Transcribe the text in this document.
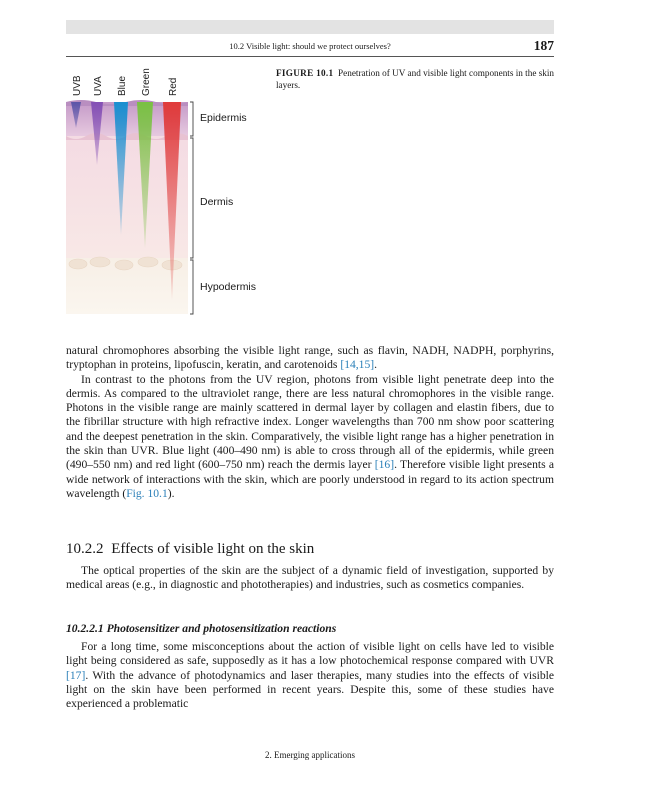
10.2 Visible light: should we protect ourselves?	187
UVB UVA Blue Green Red
Epidermis
Dermis
Hypodermis
FIGURE 10.1 Penetration of UV and visible light components in the skin layers.

natural chromophores absorbing the visible light range, such as flavin, NADH, NADPH, porphyrins, tryptophan in proteins, lipofuscin, keratin, and carotenoids [14,15].

In contrast to the photons from the UV region, photons from visible light penetrate deep into the dermis. As compared to the ultraviolet range, there are less natural chromophores in the visible range. Photons in the visible range are mainly scattered in dermal layer by collagen and elastin fibers, due to the fibrillar structure with high refractive index. Longer wavelengths than 700 nm show poor scattering and the deepest penetration in the skin. Comparatively, the visible light range has a higher penetration in the skin than UVR. Blue light (400–490 nm) is able to cross through all of the epidermis, while green (490–550 nm) and red light (600–750 nm) reach the dermis layer [16]. Therefore visible light presents a wide network of interactions with the skin, which are poorly understood in regard to its action spectrum wavelength (Fig. 10.1).

10.2.2 Effects of visible light on the skin

The optical properties of the skin are the subject of a dynamic field of investigation, supported by medical areas (e.g., in diagnostic and phototherapies) and industries, such as cosmetics companies.

10.2.2.1 Photosensitizer and photosensitization reactions

For a long time, some misconceptions about the action of visible light on cells have led to visible light being considered as safe, supposedly as it has a low photochemical response compared with UVR [17]. With the advance of photodynamics and laser therapies, many studies into the effects of visible light on the skin have been performed in recent years. Despite this, some of these studies have experienced a problematic

2. Emerging applications
